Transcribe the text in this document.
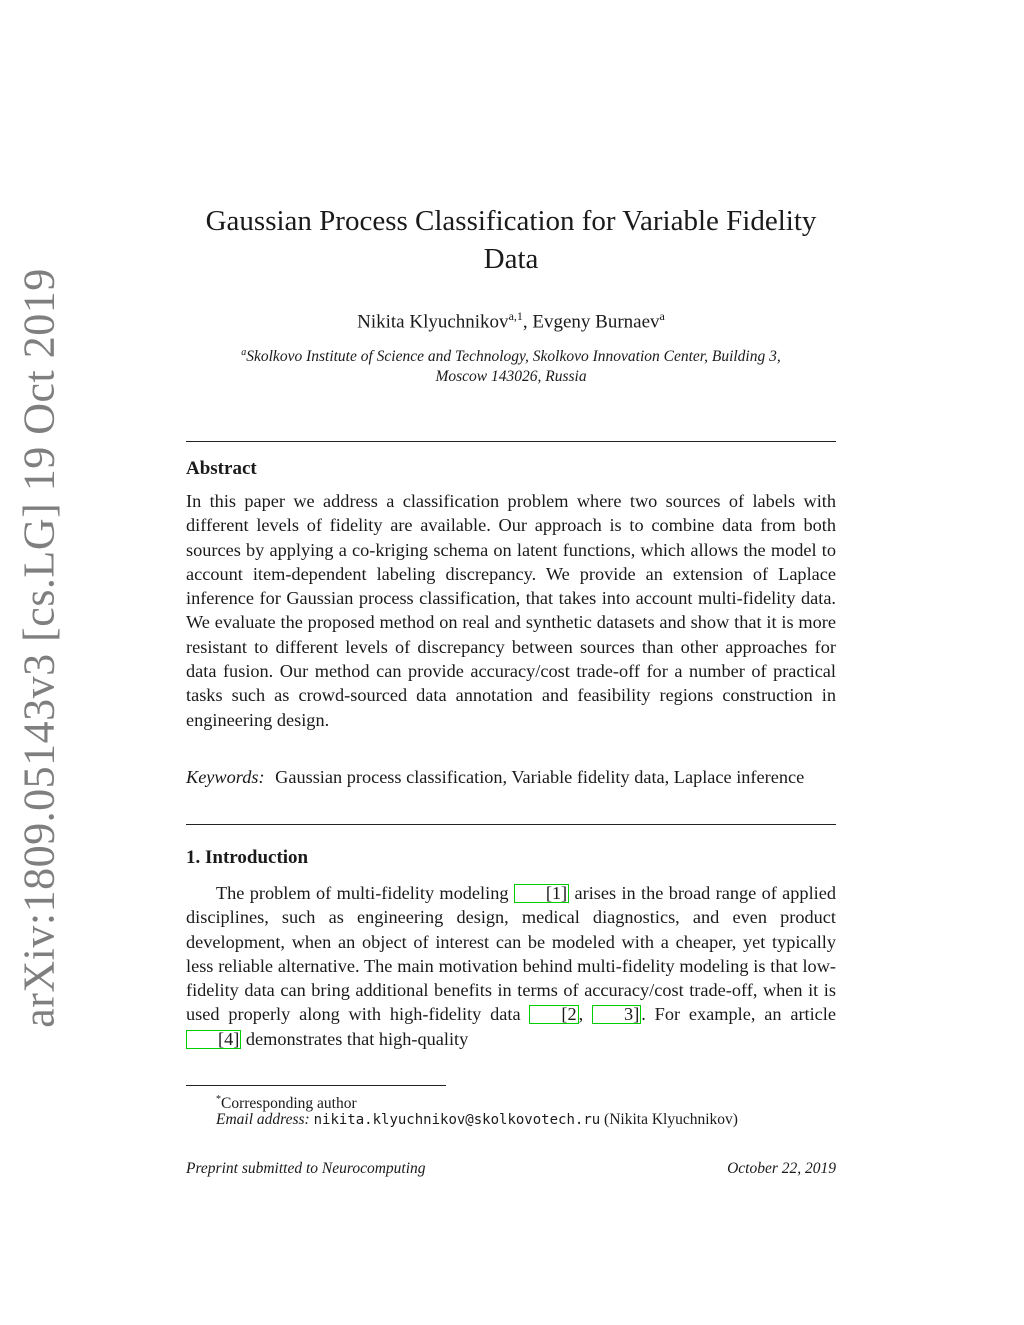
arXiv:1809.05143v3 [cs.LG] 19 Oct 2019
Gaussian Process Classification for Variable Fidelity
Data
Nikita Klyuchnikov$^{a,1}$, Evgeny Burnaev$^a$
$^a$Skolkovo Institute of Science and Technology, Skolkovo Innovation Center, Building 3,
Moscow 143026, Russia
Abstract
In this paper we address a classification problem where two sources of labels with different levels of fidelity are available. Our approach is to combine data from both sources by applying a co-kriging schema on latent functions, which allows the model to account item-dependent labeling discrepancy. We provide an extension of Laplace inference for Gaussian process classification, that takes into account multi-fidelity data. We evaluate the proposed method on real and synthetic datasets and show that it is more resistant to different levels of discrepancy between sources than other approaches for data fusion. Our method can provide accuracy/cost trade-off for a number of practical tasks such as crowd-sourced data annotation and feasibility regions construction in engineering design.
Keywords: Gaussian process classification, Variable fidelity data, Laplace inference
1. Introduction
The problem of multi-fidelity modeling [1] arises in the broad range of applied disciplines, such as engineering design, medical diagnostics, and even product development, when an object of interest can be modeled with a cheaper, yet typically less reliable alternative. The main motivation behind multi-fidelity modeling is that low-fidelity data can bring additional benefits in terms of accuracy/cost trade-off, when it is used properly along with high-fidelity data [2 , 3] . For example, an article [4] demonstrates that high-quality
*Corresponding author
Email address: nikita.klyuchnikov@skolkovotech.ru (Nikita Klyuchnikov)
Preprint submitted to Neurocomputing	October 22, 2019
